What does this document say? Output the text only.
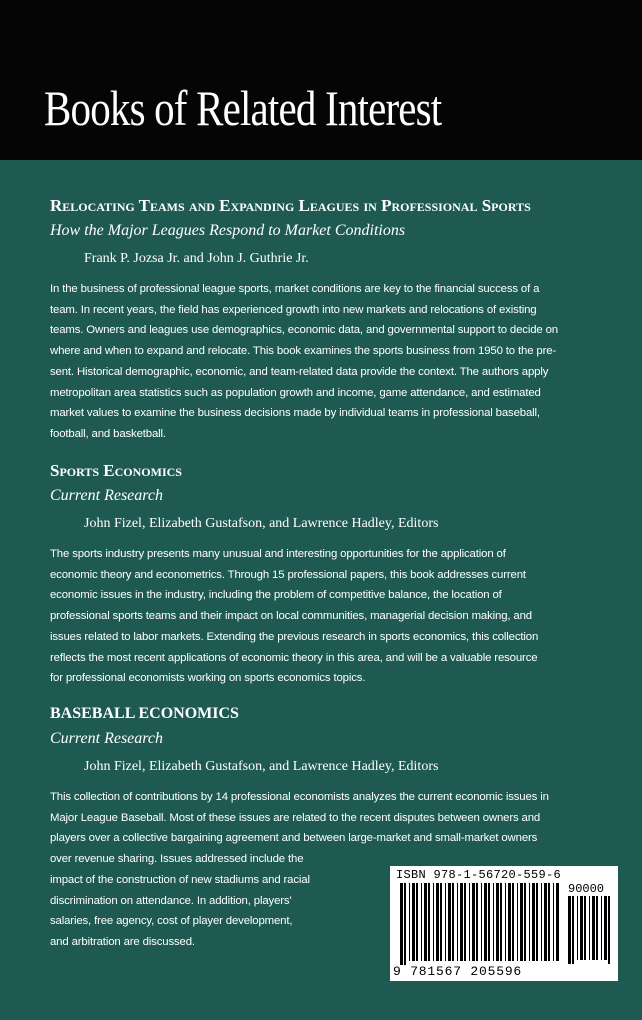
Books of Related Interest
Relocating Teams and Expanding Leagues in Professional Sports
How the Major Leagues Respond to Market Conditions
Frank P. Jozsa Jr. and John J. Guthrie Jr.
In the business of professional league sports, market conditions are key to the financial success of a
team. In recent years, the field has experienced growth into new markets and relocations of existing
teams. Owners and leagues use demographics, economic data, and governmental support to decide on
where and when to expand and relocate. This book examines the sports business from 1950 to the pre-
sent. Historical demographic, economic, and team-related data provide the context. The authors apply
metropolitan area statistics such as population growth and income, game attendance, and estimated
market values to examine the business decisions made by individual teams in professional baseball,
football, and basketball.
Sports Economics
Current Research
John Fizel, Elizabeth Gustafson, and Lawrence Hadley, Editors
The sports industry presents many unusual and interesting opportunities for the application of
economic theory and econometrics. Through 15 professional papers, this book addresses current
economic issues in the industry, including the problem of competitive balance, the location of
professional sports teams and their impact on local communities, managerial decision making, and
issues related to labor markets. Extending the previous research in sports economics, this collection
reflects the most recent applications of economic theory in this area, and will be a valuable resource
for professional economists working on sports economics topics.
BASEBALL ECONOMICS
Current Research
John Fizel, Elizabeth Gustafson, and Lawrence Hadley, Editors
This collection of contributions by 14 professional economists analyzes the current economic issues in
Major League Baseball. Most of these issues are related to the recent disputes between owners and
players over a collective bargaining agreement and between large-market and small-market owners
over revenue sharing. Issues addressed include the
impact of the construction of new stadiums and racial
discrimination on attendance. In addition, players'
salaries, free agency, cost of player development,
and arbitration are discussed.
ISBN 978-1-56720-559-6
90000
9 781567 205596
